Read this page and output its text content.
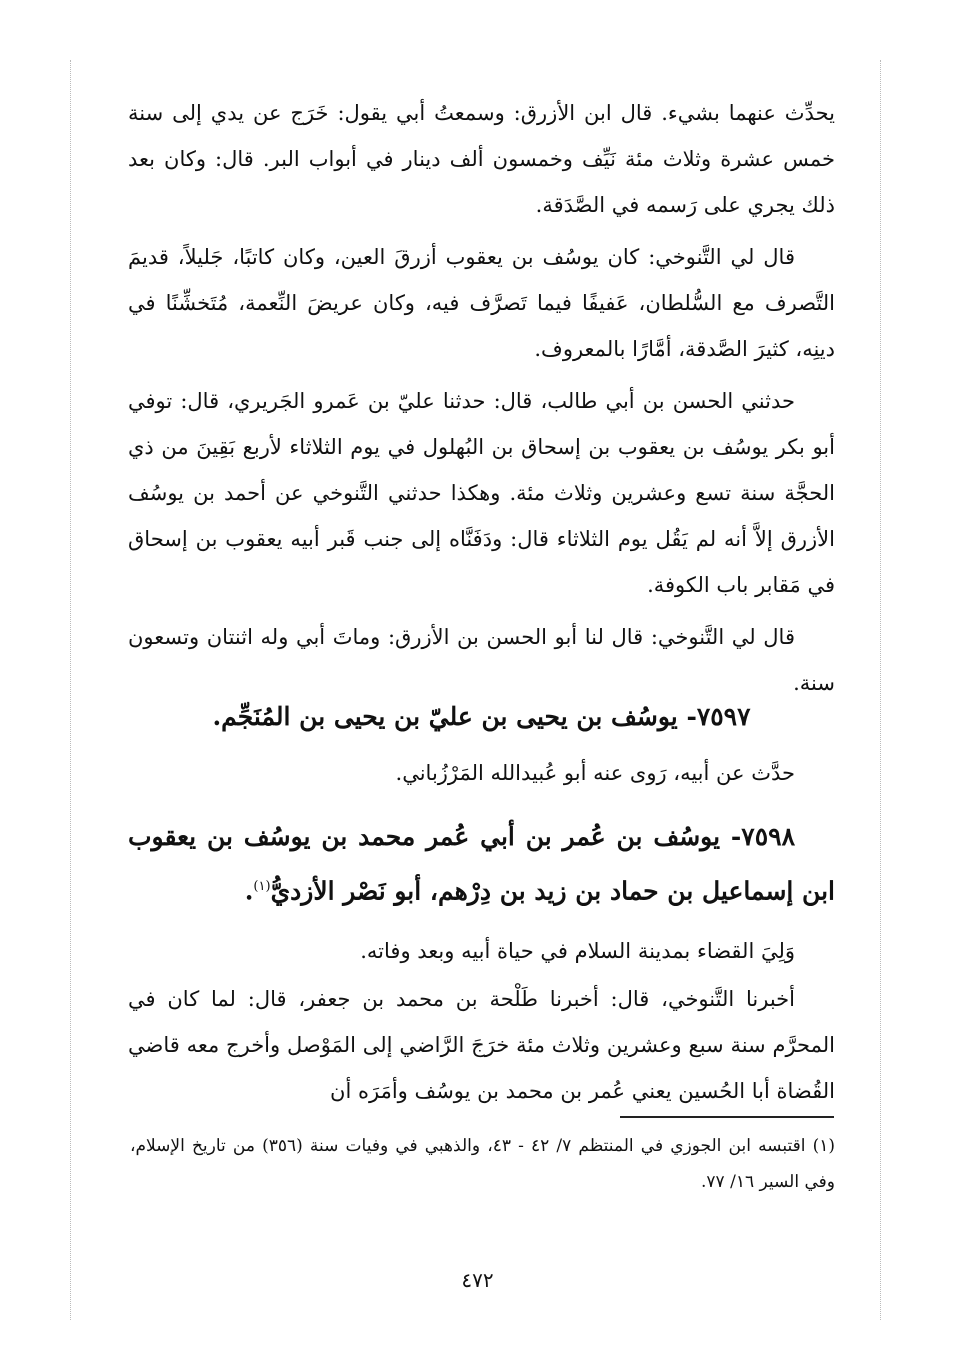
يحدِّث عنهما بشيء. قال ابن الأزرق: وسمعتُ أبي يقول: خَرَج عن يدي إلى سنة خمس عشرة وثلاث مئة نَيِّف وخمسون ألف دينار في أبواب البر. قال: وكان بعد ذلك يجري على رَسمه في الصَّدَقة.

قال لي التَّنوخي: كان يوسُف بن يعقوب أزرقَ العين، وكان كاتبًا، جَليلاً، قديمَ التَّصرف مع السُّلطان، عَفيفًا فيما تَصرَّف فيه، وكان عريضَ النِّعمة، مُتَخشِّنًا في دينِه، كثيرَ الصَّدقة، أمَّارًا بالمعروف.

حدثني الحسن بن أبي طالب، قال: حدثنا عليّ بن عَمرو الجَريري، قال: توفي أبو بكر يوسُف بن يعقوب بن إسحاق بن البُهلول في يوم الثلاثاء لأربع بَقِينَ من ذي الحجَّة سنة تسع وعشرين وثلاث مئة. وهكذا حدثني التَّنوخي عن أحمد بن يوسُف الأزرق إلاَّ أنه لم يَقُل يوم الثلاثاء قال: ودَفَنَّاه إلى جنب قَبر أبيه يعقوب بن إسحاق في مَقابر باب الكوفة.

قال لي التَّنوخي: قال لنا أبو الحسن بن الأزرق: وماتَ أبي وله اثنتان وتسعون سنة.

٧٥٩٧- يوسُف بن يحيى بن عليّ بن يحيى بن المُنَجِّم.

حدَّث عن أبيه، رَوى عنه أبو عُبيدالله المَرْزُباني.

٧٥٩٨- يوسُف بن عُمر بن أبي عُمر محمد بن يوسُف بن يعقوب ابن إسماعيل بن حماد بن زيد بن دِرْهم، أبو نَصْر الأزديُّ$^{(١)}$.

وَلِيَ القضاء بمدينة السلام في حياة أبيه وبعد وفاته.

أخبرنا التَّنوخي، قال: أخبرنا طَلْحة بن محمد بن جعفر، قال: لما كان في المحرَّم سنة سبع وعشرين وثلاث مئة خرَجَ الرَّاضي إلى المَوْصل وأخرج معه قاضي القُضاة أبا الحُسين يعني عُمر بن محمد بن يوسُف وأمَرَه أن

(١) اقتبسه ابن الجوزي في المنتظم ٧/ ٤٢ - ٤٣، والذهبي في وفيات سنة (٣٥٦) من تاريخ الإسلام، وفي السير ١٦/ ٧٧.
٤٧٢
